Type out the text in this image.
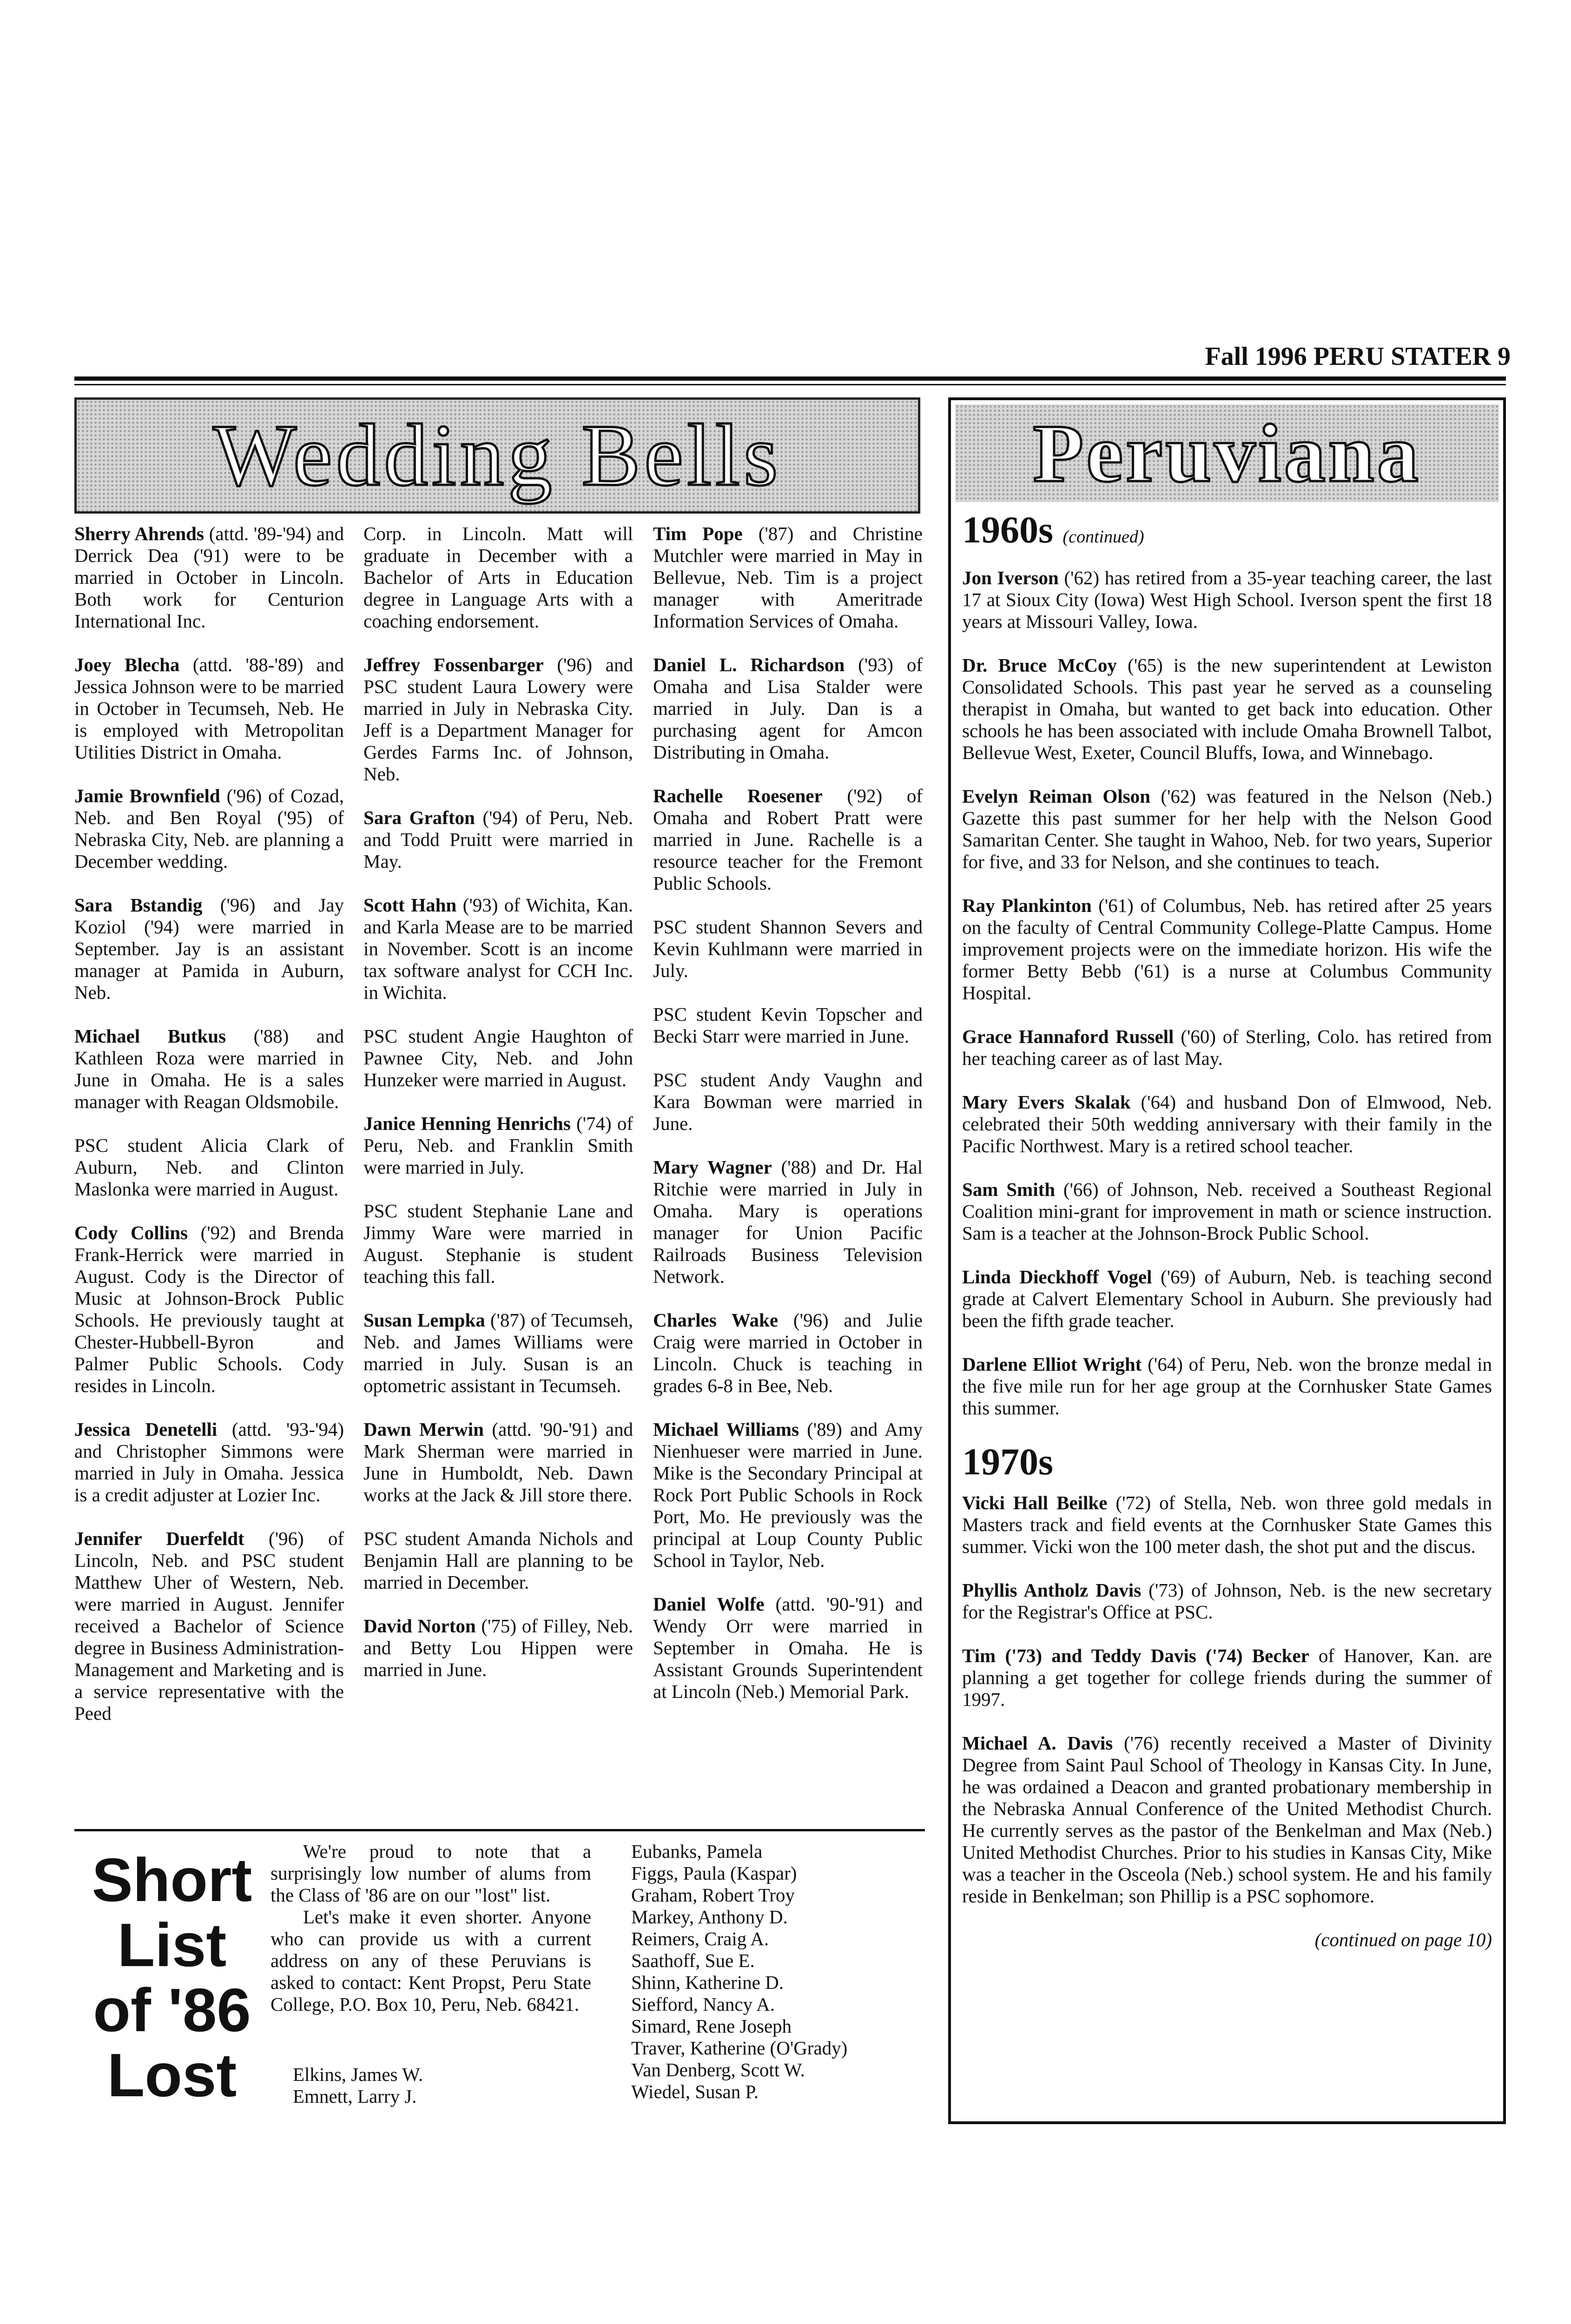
Fall 1996 PERU STATER 9
Wedding Bells

Sherry Ahrends (attd. '89-'94) and Derrick Dea ('91) were to be married in October in Lincoln. Both work for Centurion International Inc.

Joey Blecha (attd. '88-'89) and Jessica Johnson were to be married in October in Tecumseh, Neb. He is employed with Metropolitan Utilities District in Omaha.

Jamie Brownfield ('96) of Cozad, Neb. and Ben Royal ('95) of Nebraska City, Neb. are planning a December wedding.

Sara Bstandig ('96) and Jay Koziol ('94) were married in September. Jay is an assistant manager at Pamida in Auburn, Neb.

Michael Butkus ('88) and Kathleen Roza were married in June in Omaha. He is a sales manager with Reagan Oldsmobile.

PSC student Alicia Clark of Auburn, Neb. and Clinton Maslonka were married in August.

Cody Collins ('92) and Brenda Frank-Herrick were married in August. Cody is the Director of Music at Johnson-Brock Public Schools. He previously taught at Chester-Hubbell-Byron and Palmer Public Schools. Cody resides in Lincoln.

Jessica Denetelli (attd. '93-'94) and Christopher Simmons were married in July in Omaha. Jessica is a credit adjuster at Lozier Inc.

Jennifer Duerfeldt ('96) of Lincoln, Neb. and PSC student Matthew Uher of Western, Neb. were married in August. Jennifer received a Bachelor of Science degree in Business Administration-Management and Marketing and is a service representative with the Peed

Corp. in Lincoln. Matt will graduate in December with a Bachelor of Arts in Education degree in Language Arts with a coaching endorsement.

Jeffrey Fossenbarger ('96) and PSC student Laura Lowery were married in July in Nebraska City. Jeff is a Department Manager for Gerdes Farms Inc. of Johnson, Neb.

Sara Grafton ('94) of Peru, Neb. and Todd Pruitt were married in May.

Scott Hahn ('93) of Wichita, Kan. and Karla Mease are to be married in November. Scott is an income tax software analyst for CCH Inc. in Wichita.

PSC student Angie Haughton of Pawnee City, Neb. and John Hunzeker were married in August.

Janice Henning Henrichs ('74) of Peru, Neb. and Franklin Smith were married in July.

PSC student Stephanie Lane and Jimmy Ware were married in August. Stephanie is student teaching this fall.

Susan Lempka ('87) of Tecumseh, Neb. and James Williams were married in July. Susan is an optometric assistant in Tecumseh.

Dawn Merwin (attd. '90-'91) and Mark Sherman were married in June in Humboldt, Neb. Dawn works at the Jack & Jill store there.

PSC student Amanda Nichols and Benjamin Hall are planning to be married in December.

David Norton ('75) of Filley, Neb. and Betty Lou Hippen were married in June.

Tim Pope ('87) and Christine Mutchler were married in May in Bellevue, Neb. Tim is a project manager with Ameritrade Information Services of Omaha.

Daniel L. Richardson ('93) of Omaha and Lisa Stalder were married in July. Dan is a purchasing agent for Amcon Distributing in Omaha.

Rachelle Roesener ('92) of Omaha and Robert Pratt were married in June. Rachelle is a resource teacher for the Fremont Public Schools.

PSC student Shannon Severs and Kevin Kuhlmann were married in July.

PSC student Kevin Topscher and Becki Starr were married in June.

PSC student Andy Vaughn and Kara Bowman were married in June.

Mary Wagner ('88) and Dr. Hal Ritchie were married in July in Omaha. Mary is operations manager for Union Pacific Railroads Business Television Network.

Charles Wake ('96) and Julie Craig were married in October in Lincoln. Chuck is teaching in grades 6-8 in Bee, Neb.

Michael Williams ('89) and Amy Nienhueser were married in June. Mike is the Secondary Principal at Rock Port Public Schools in Rock Port, Mo. He previously was the principal at Loup County Public School in Taylor, Neb.

Daniel Wolfe (attd. '90-'91) and Wendy Orr were married in September in Omaha. He is Assistant Grounds Superintendent at Lincoln (Neb.) Memorial Park.

Short
List
of '86
Lost
We're proud to note that a surprisingly low number of alums from the Class of '86 are on our "lost" list.
Let's make it even shorter. Anyone who can provide us with a current address on any of these Peruvians is asked to contact: Kent Propst, Peru State College, P.O. Box 10, Peru, Neb. 68421.
Elkins, James W.
Emnett, Larry J.
Eubanks, Pamela
Figgs, Paula (Kaspar)
Graham, Robert Troy
Markey, Anthony D.
Reimers, Craig A.
Saathoff, Sue E.
Shinn, Katherine D.
Siefford, Nancy A.
Simard, Rene Joseph
Traver, Katherine (O'Grady)
Van Denberg, Scott W.
Wiedel, Susan P.
Peruviana
1960s (continued)

Jon Iverson ('62) has retired from a 35-year teaching career, the last 17 at Sioux City (Iowa) West High School. Iverson spent the first 18 years at Missouri Valley, Iowa.

Dr. Bruce McCoy ('65) is the new superintendent at Lewiston Consolidated Schools. This past year he served as a counseling therapist in Omaha, but wanted to get back into education. Other schools he has been associated with include Omaha Brownell Talbot, Bellevue West, Exeter, Council Bluffs, Iowa, and Winnebago.

Evelyn Reiman Olson ('62) was featured in the Nelson (Neb.) Gazette this past summer for her help with the Nelson Good Samaritan Center. She taught in Wahoo, Neb. for two years, Superior for five, and 33 for Nelson, and she continues to teach.

Ray Plankinton ('61) of Columbus, Neb. has retired after 25 years on the faculty of Central Community College-Platte Campus. Home improvement projects were on the immediate horizon. His wife the former Betty Bebb ('61) is a nurse at Columbus Community Hospital.

Grace Hannaford Russell ('60) of Sterling, Colo. has retired from her teaching career as of last May.

Mary Evers Skalak ('64) and husband Don of Elmwood, Neb. celebrated their 50th wedding anniversary with their family in the Pacific Northwest. Mary is a retired school teacher.

Sam Smith ('66) of Johnson, Neb. received a Southeast Regional Coalition mini-grant for improvement in math or science instruction. Sam is a teacher at the Johnson-Brock Public School.

Linda Dieckhoff Vogel ('69) of Auburn, Neb. is teaching second grade at Calvert Elementary School in Auburn. She previously had been the fifth grade teacher.

Darlene Elliot Wright ('64) of Peru, Neb. won the bronze medal in the five mile run for her age group at the Cornhusker State Games this summer.

1970s

Vicki Hall Beilke ('72) of Stella, Neb. won three gold medals in Masters track and field events at the Cornhusker State Games this summer. Vicki won the 100 meter dash, the shot put and the discus.

Phyllis Antholz Davis ('73) of Johnson, Neb. is the new secretary for the Registrar's Office at PSC.

Tim ('73) and Teddy Davis ('74) Becker of Hanover, Kan. are planning a get together for college friends during the summer of 1997.

Michael A. Davis ('76) recently received a Master of Divinity Degree from Saint Paul School of Theology in Kansas City. In June, he was ordained a Deacon and granted probationary membership in the Nebraska Annual Conference of the United Methodist Church. He currently serves as the pastor of the Benkelman and Max (Neb.) United Methodist Churches. Prior to his studies in Kansas City, Mike was a teacher in the Osceola (Neb.) school system. He and his family reside in Benkelman; son Phillip is a PSC sophomore.

(continued on page 10)
